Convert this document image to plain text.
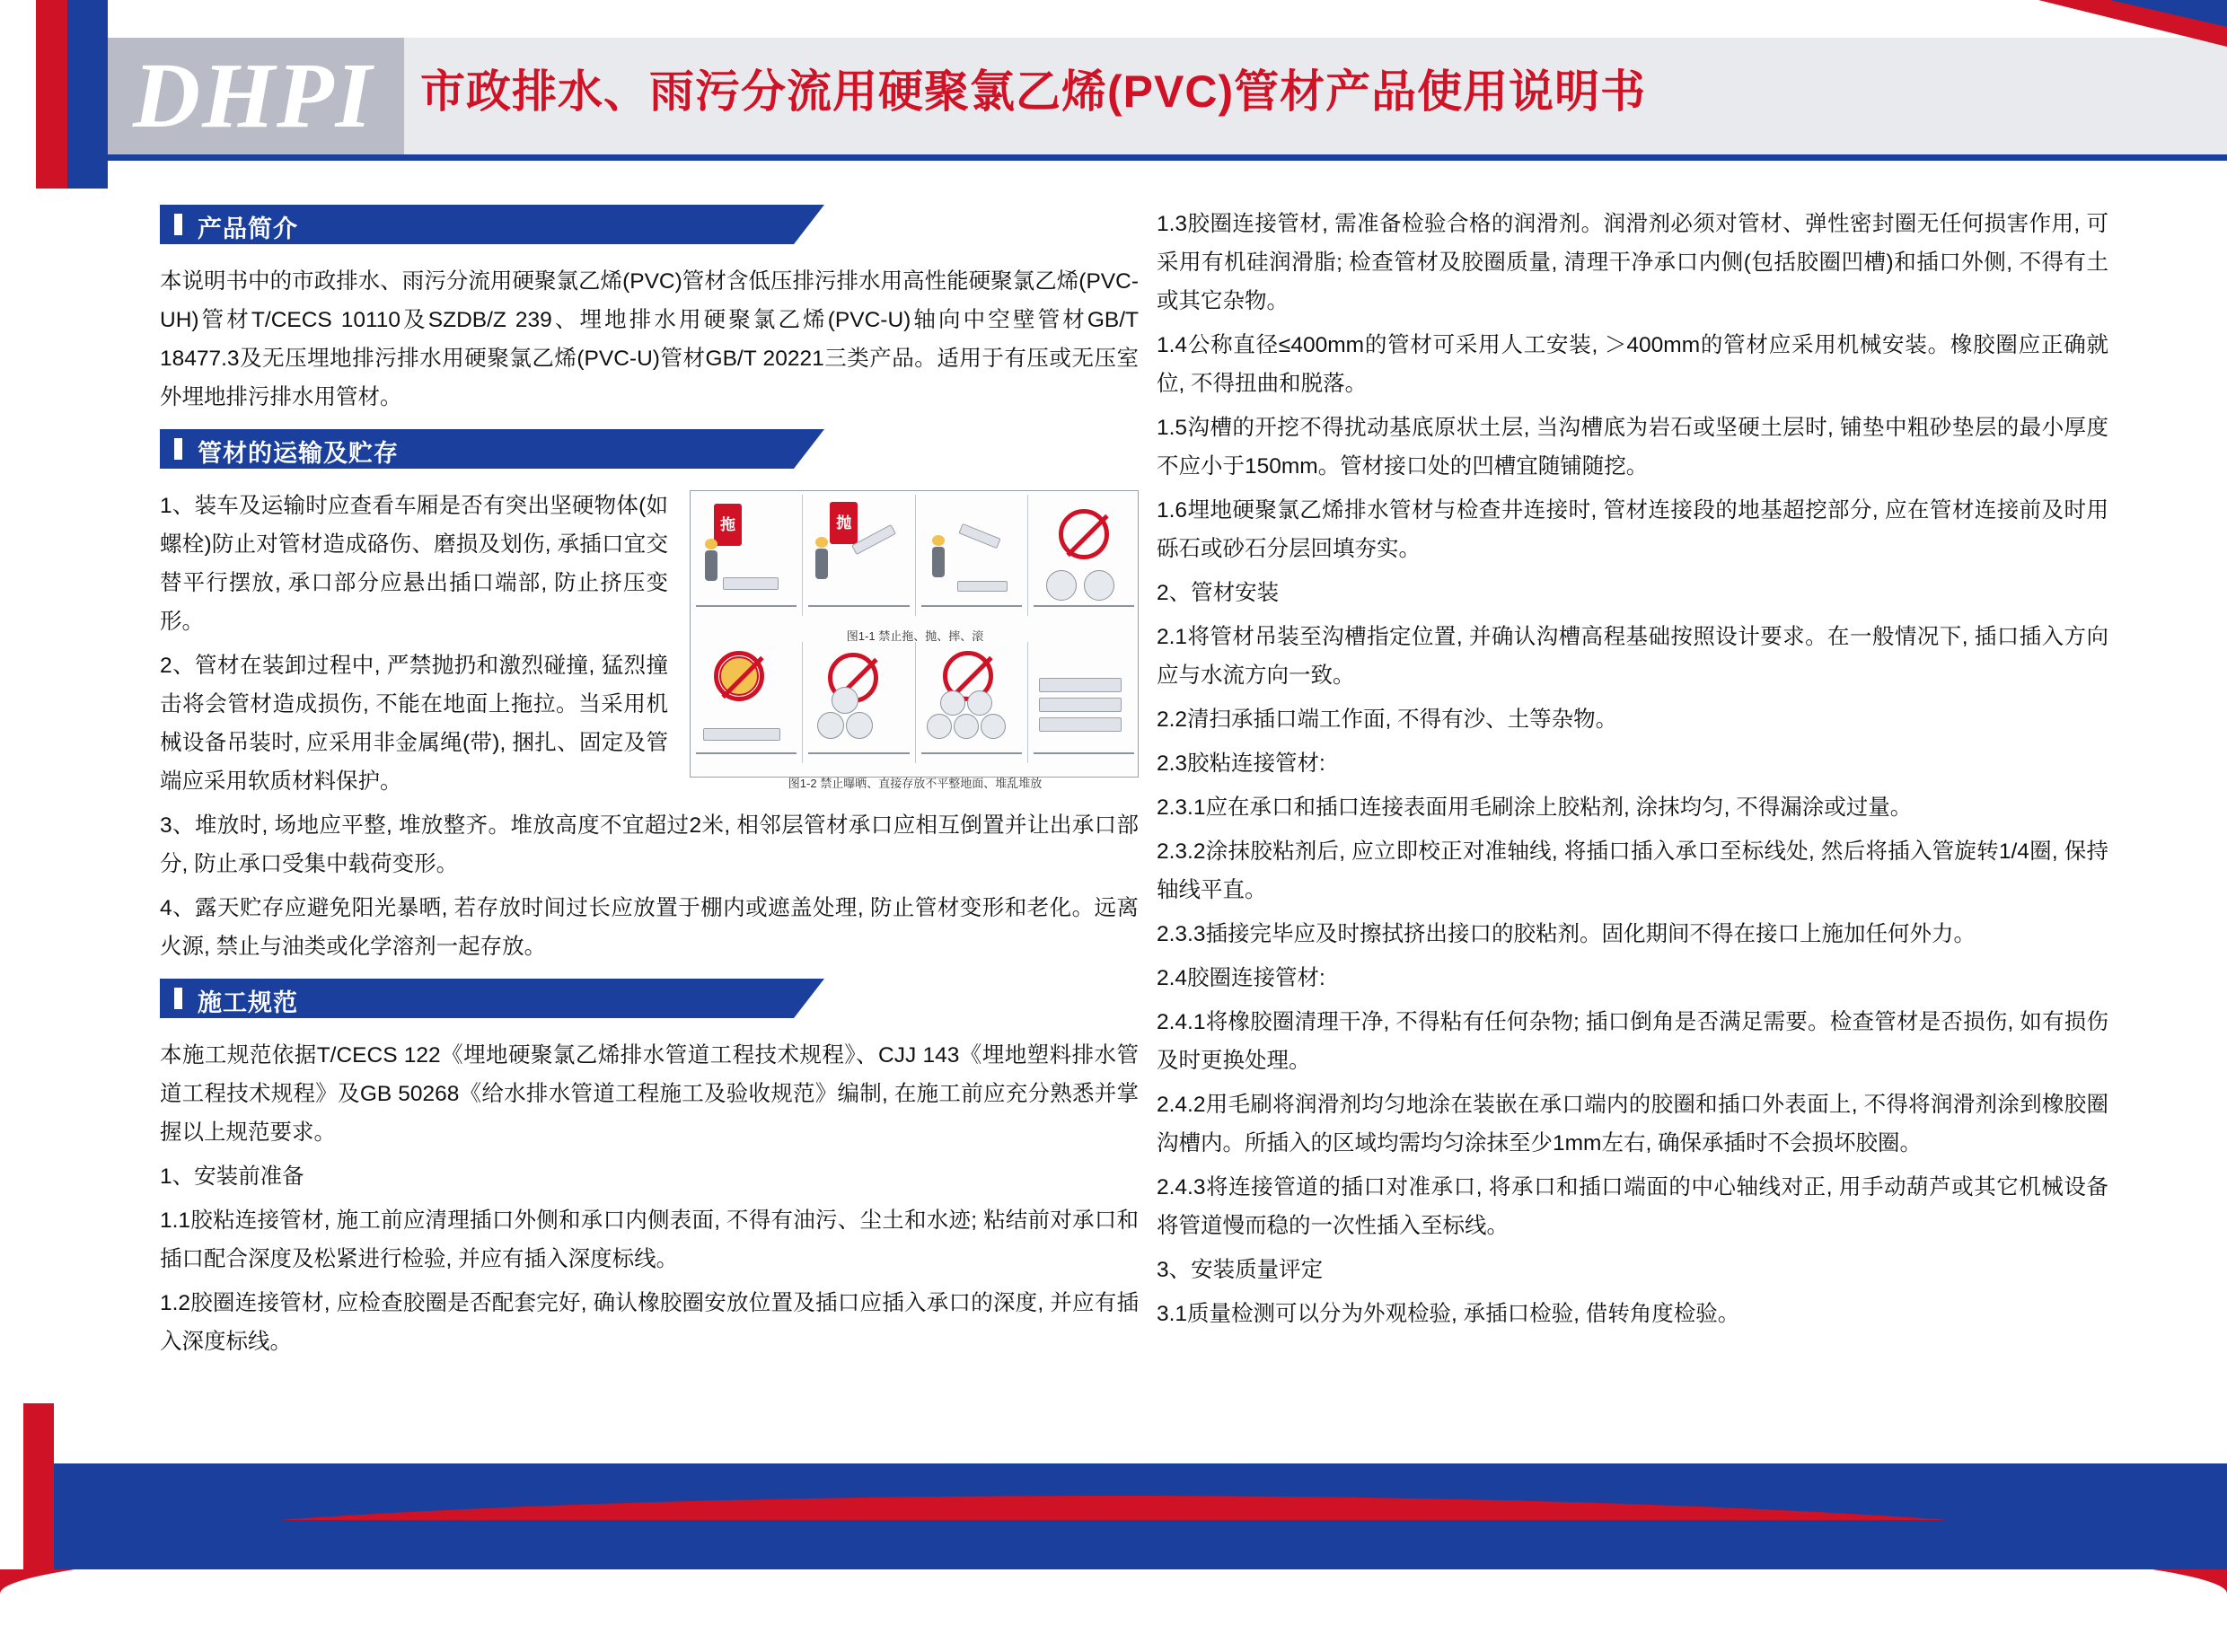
DHPI 市政排水、雨污分流用硬聚氯乙烯(PVC)管材产品使用说明书
产品简介

本说明书中的市政排水、雨污分流用硬聚氯乙烯(PVC)管材含低压排污排水用高性能硬聚氯乙烯(PVC-UH)管材T/CECS 10110及SZDB/Z 239、埋地排水用硬聚氯乙烯(PVC-U)轴向中空壁管材GB/T 18477.3及无压埋地排污排水用硬聚氯乙烯(PVC-U)管材GB/T 20221三类产品。适用于有压或无压室外埋地排污排水用管材。

管材的运输及贮存
拖	抛
图1-1 禁止拖、抛、摔、滚
图1-2 禁止曝晒、直接存放不平整地面、堆乱堆放

1、装车及运输时应查看车厢是否有突出坚硬物体(如螺栓)防止对管材造成硌伤、磨损及划伤, 承插口宜交替平行摆放, 承口部分应悬出插口端部, 防止挤压变形。

2、管材在装卸过程中, 严禁抛扔和激烈碰撞, 猛烈撞击将会管材造成损伤, 不能在地面上拖拉。当采用机械设备吊装时, 应采用非金属绳(带), 捆扎、固定及管端应采用软质材料保护。

3、堆放时, 场地应平整, 堆放整齐。堆放高度不宜超过2米, 相邻层管材承口应相互倒置并让出承口部分, 防止承口受集中载荷变形。

4、露天贮存应避免阳光暴晒, 若存放时间过长应放置于棚内或遮盖处理, 防止管材变形和老化。远离火源, 禁止与油类或化学溶剂一起存放。

施工规范

本施工规范依据T/CECS 122《埋地硬聚氯乙烯排水管道工程技术规程》、CJJ 143《埋地塑料排水管道工程技术规程》及GB 50268《给水排水管道工程施工及验收规范》编制, 在施工前应充分熟悉并掌握以上规范要求。

1、安装前准备

1.1胶粘连接管材, 施工前应清理插口外侧和承口内侧表面, 不得有油污、尘土和水迹; 粘结前对承口和插口配合深度及松紧进行检验, 并应有插入深度标线。

1.2胶圈连接管材, 应检查胶圈是否配套完好, 确认橡胶圈安放位置及插口应插入承口的深度, 并应有插入深度标线。

1.3胶圈连接管材, 需准备检验合格的润滑剂。润滑剂必须对管材、弹性密封圈无任何损害作用, 可采用有机硅润滑脂; 检查管材及胶圈质量, 清理干净承口内侧(包括胶圈凹槽)和插口外侧, 不得有土或其它杂物。

1.4公称直径≤400mm的管材可采用人工安装, ＞400mm的管材应采用机械安装。橡胶圈应正确就位, 不得扭曲和脱落。

1.5沟槽的开挖不得扰动基底原状土层, 当沟槽底为岩石或坚硬土层时, 铺垫中粗砂垫层的最小厚度不应小于150mm。管材接口处的凹槽宜随铺随挖。

1.6埋地硬聚氯乙烯排水管材与检查井连接时, 管材连接段的地基超挖部分, 应在管材连接前及时用砾石或砂石分层回填夯实。

2、管材安装

2.1将管材吊装至沟槽指定位置, 并确认沟槽高程基础按照设计要求。在一般情况下, 插口插入方向应与水流方向一致。

2.2清扫承插口端工作面, 不得有沙、土等杂物。

2.3胶粘连接管材:

2.3.1应在承口和插口连接表面用毛刷涂上胶粘剂, 涂抹均匀, 不得漏涂或过量。

2.3.2涂抹胶粘剂后, 应立即校正对准轴线, 将插口插入承口至标线处, 然后将插入管旋转1/4圈, 保持轴线平直。

2.3.3插接完毕应及时擦拭挤出接口的胶粘剂。固化期间不得在接口上施加任何外力。

2.4胶圈连接管材:

2.4.1将橡胶圈清理干净, 不得粘有任何杂物; 插口倒角是否满足需要。检查管材是否损伤, 如有损伤及时更换处理。

2.4.2用毛刷将润滑剂均匀地涂在装嵌在承口端内的胶圈和插口外表面上, 不得将润滑剂涂到橡胶圈沟槽内。所插入的区域均需均匀涂抹至少1mm左右, 确保承插时不会损坏胶圈。

2.4.3将连接管道的插口对准承口, 将承口和插口端面的中心轴线对正, 用手动葫芦或其它机械设备将管道慢而稳的一次性插入至标线。

3、安装质量评定

3.1质量检测可以分为外观检验, 承插口检验, 借转角度检验。
